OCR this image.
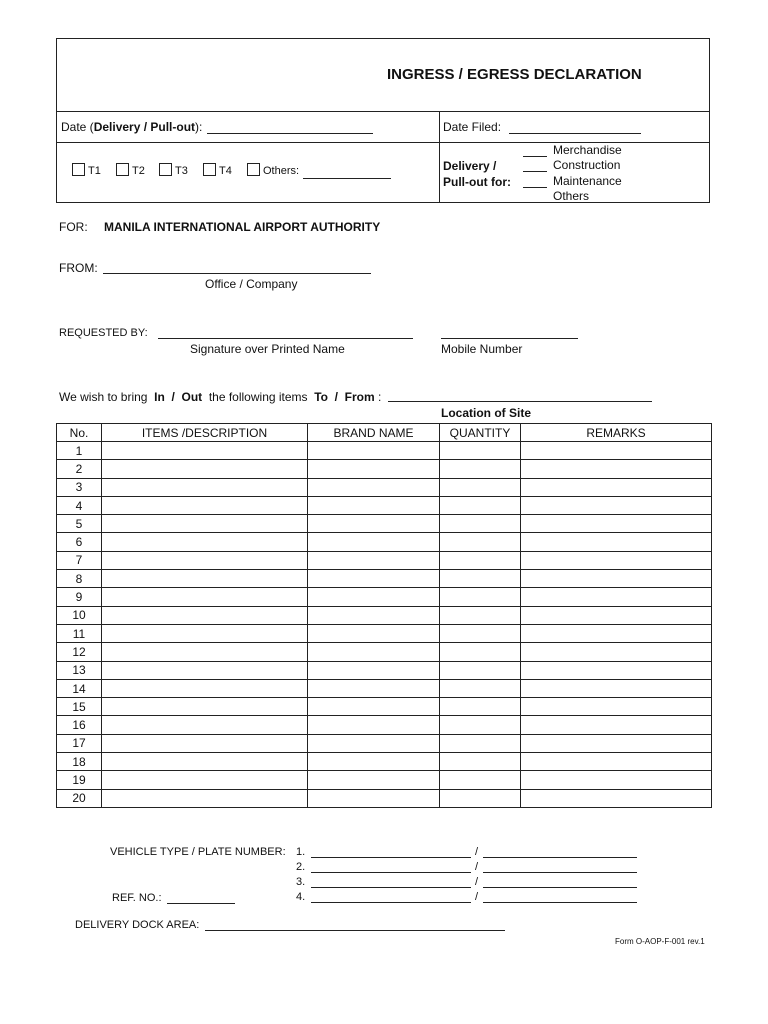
INGRESS / EGRESS DECLARATION
Date (Delivery / Pull-out):	Date Filed:
T1	T2	T3	T4	Others:	Delivery /
Pull-out for:
Merchandise
Construction
Maintenance
Others
FOR: MANILA INTERNATIONAL AIRPORT AUTHORITY
FROM:
Office / Company
REQUESTED BY:
Signature over Printed Name	Mobile Number
We wish to bring In  /  Out the following items To  /  From :
Location of Site
No.	ITEMS /DESCRIPTION	BRAND NAME	QUANTITY	REMARKS
1				
2				
3				
4				
5				
6				
7				
8				
9				
10				
11				
12				
13				
14				
15				
16				
17				
18				
19				
20				
VEHICLE TYPE / PLATE NUMBER: 1.	/
2.	/
3.	/
4.	/
REF. NO.:
DELIVERY DOCK AREA:
Form O-AOP-F-001 rev.1
